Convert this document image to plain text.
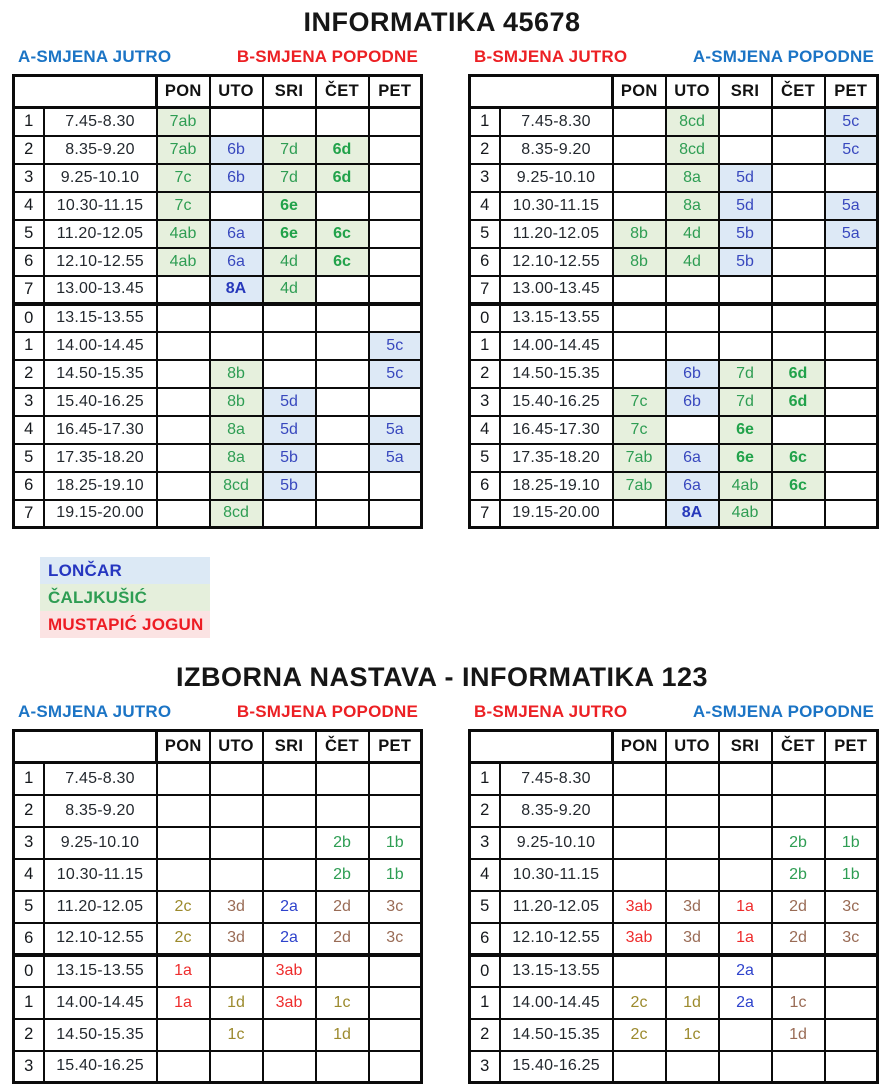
INFORMATIKA 45678
A-SMJENA JUTRO	B-SMJENA POPODNE
		PON	UTO	SRI	ČET	PET
1	7.45-8.30	7ab				
2	8.35-9.20	7ab	6b	7d	6d	
3	9.25-10.10	7c	6b	7d	6d	
4	10.30-11.15	7c		6e		
5	11.20-12.05	4ab	6a	6e	6c	
6	12.10-12.55	4ab	6a	4d	6c	
7	13.00-13.45		8A	4d		
0	13.15-13.55					
1	14.00-14.45					5c
2	14.50-15.35		8b			5c
3	15.40-16.25		8b	5d		
4	16.45-17.30		8a	5d		5a
5	17.35-18.20		8a	5b		5a
6	18.25-19.10		8cd	5b		
7	19.15-20.00		8cd			
B-SMJENA JUTRO	A-SMJENA POPODNE
		PON	UTO	SRI	ČET	PET
1	7.45-8.30		8cd			5c
2	8.35-9.20		8cd			5c
3	9.25-10.10		8a	5d		
4	10.30-11.15		8a	5d		5a
5	11.20-12.05	8b	4d	5b		5a
6	12.10-12.55	8b	4d	5b		
7	13.00-13.45					
0	13.15-13.55					
1	14.00-14.45					
2	14.50-15.35		6b	7d	6d	
3	15.40-16.25	7c	6b	7d	6d	
4	16.45-17.30	7c		6e		
5	17.35-18.20	7ab	6a	6e	6c	
6	18.25-19.10	7ab	6a	4ab	6c	
7	19.15-20.00		8A	4ab		
LONČAR
ČALJKUŠIĆ
MUSTAPIĆ JOGUN
IZBORNA NASTAVA - INFORMATIKA 123
A-SMJENA JUTRO	B-SMJENA POPODNE
		PON	UTO	SRI	ČET	PET
1	7.45-8.30					
2	8.35-9.20					
3	9.25-10.10				2b	1b
4	10.30-11.15				2b	1b
5	11.20-12.05	2c	3d	2a	2d	3c
6	12.10-12.55	2c	3d	2a	2d	3c
0	13.15-13.55	1a		3ab		
1	14.00-14.45	1a	1d	3ab	1c	
2	14.50-15.35		1c		1d	
3	15.40-16.25					
B-SMJENA JUTRO	A-SMJENA POPODNE
		PON	UTO	SRI	ČET	PET
1	7.45-8.30					
2	8.35-9.20					
3	9.25-10.10				2b	1b
4	10.30-11.15				2b	1b
5	11.20-12.05	3ab	3d	1a	2d	3c
6	12.10-12.55	3ab	3d	1a	2d	3c
0	13.15-13.55			2a		
1	14.00-14.45	2c	1d	2a	1c	
2	14.50-15.35	2c	1c		1d	
3	15.40-16.25					
